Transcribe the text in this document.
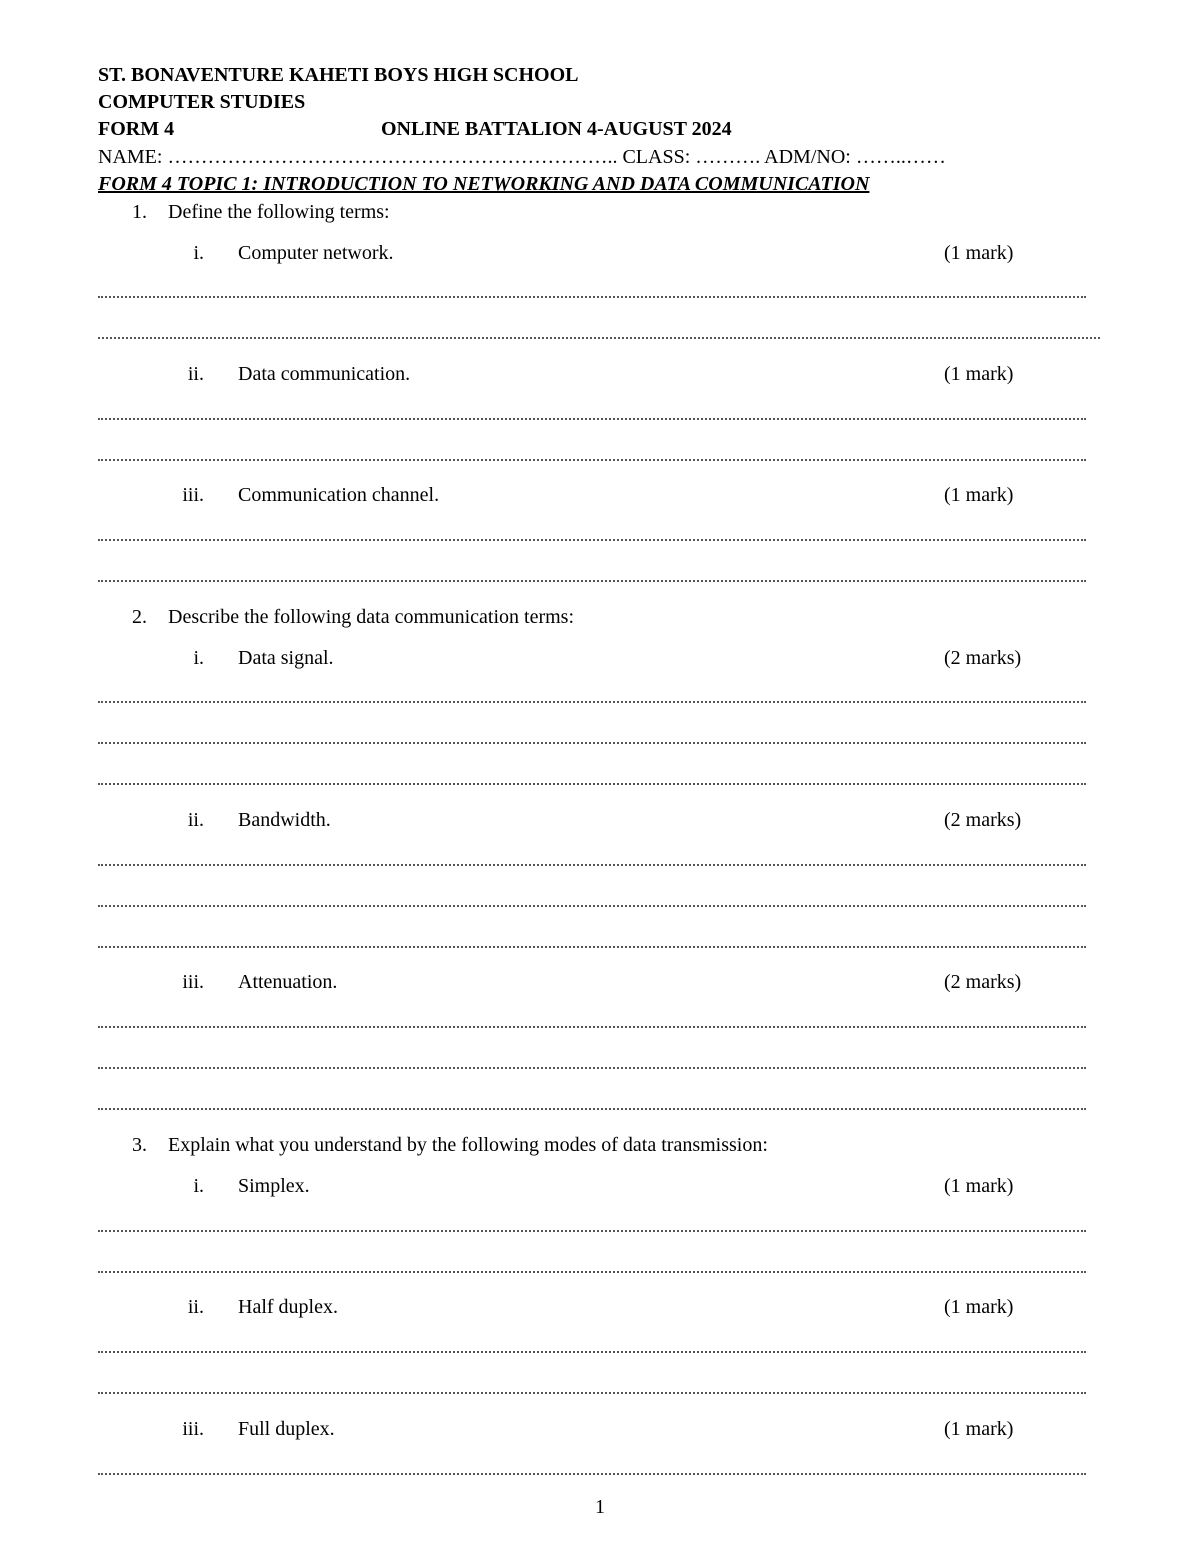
ST. BONAVENTURE KAHETI BOYS HIGH SCHOOL
COMPUTER STUDIES
FORM 4	ONLINE BATTALION 4-AUGUST 2024
NAME: ………………………………………………………….. CLASS: ………. ADM/NO: ……..……
FORM 4 TOPIC 1: INTRODUCTION TO NETWORKING AND DATA COMMUNICATION
1. Define the following terms:
i. Computer network.	(1 mark)
ii. Data communication.	(1 mark)
iii. Communication channel.	(1 mark)
2. Describe the following data communication terms:
i. Data signal.	(2 marks)
ii. Bandwidth.	(2 marks)
iii. Attenuation.	(2 marks)
3. Explain what you understand by the following modes of data transmission:
i. Simplex.	(1 mark)
ii. Half duplex.	(1 mark)
iii. Full duplex.	(1 mark)
1
